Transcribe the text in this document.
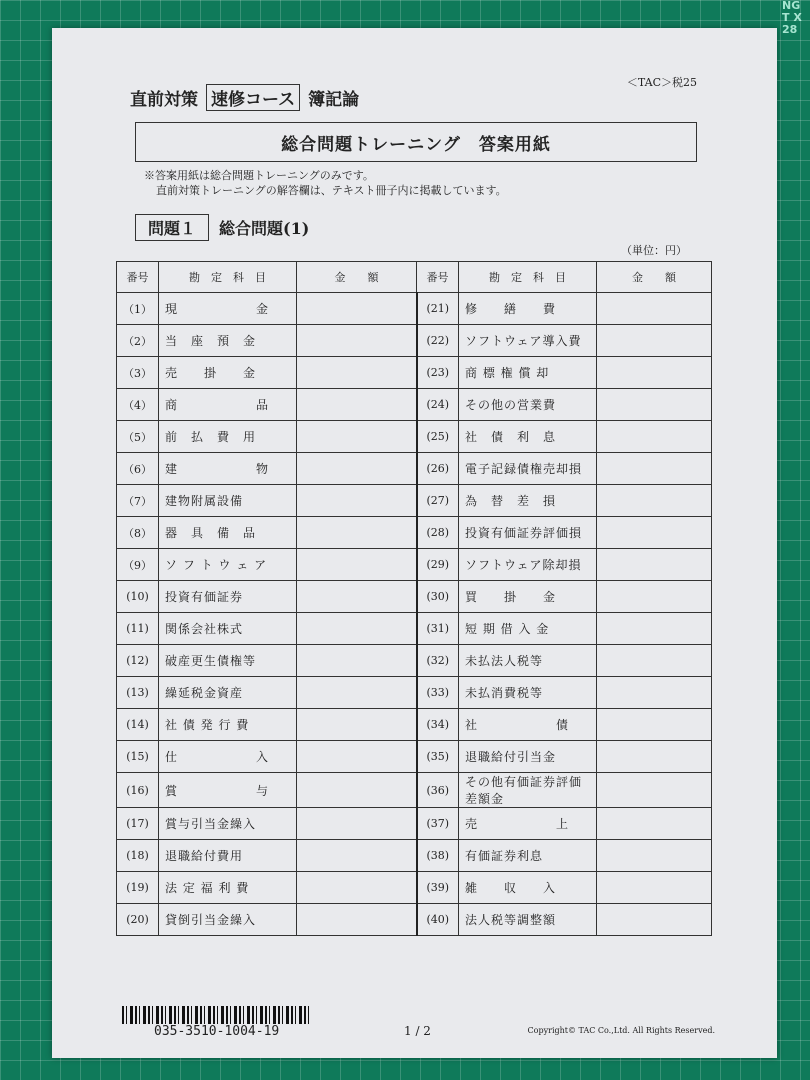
NG T X28
直前対策 速修コース 簿記論
＜TAC＞税25
総合問題トレーニング　答案用紙
※答案用紙は総合問題トレーニングのみです。
直前対策トレーニングの解答欄は、テキスト冊子内に掲載しています。
問題１	総合問題(1)
（単位：円）
番号	勘　定　科　目	金　　額	番号	勘　定　科　目	金　　額
（1）	現　　　　　　金		(21)	修　　繕　　費	
（2）	当　座　預　金		(22)	ソフトウェア導入費	
（3）	売　　掛　　金		(23)	商 標 権 償 却	
（4）	商　　　　　　品		(24)	その他の営業費	
（5）	前　払　費　用		(25)	社　債　利　息	
（6）	建　　　　　　物		(26)	電子記録債権売却損	
（7）	建物附属設備		(27)	為　替　差　損	
（8）	器　具　備　品		(28)	投資有価証券評価損	
（9）	ソ フ ト ウ ェ ア		(29)	ソフトウェア除却損	
(10)	投資有価証券		(30)	買　　掛　　金	
(11)	関係会社株式		(31)	短 期 借 入 金	
(12)	破産更生債権等		(32)	未払法人税等	
(13)	繰延税金資産		(33)	未払消費税等	
(14)	社 債 発 行 費		(34)	社　　　　　　債	
(15)	仕　　　　　　入		(35)	退職給付引当金	
(16)	賞　　　　　　与		(36)	その他有価証券評価差額金	
(17)	賞与引当金繰入		(37)	売　　　　　　上	
(18)	退職給付費用		(38)	有価証券利息	
(19)	法 定 福 利 費		(39)	雑　　収　　入	
(20)	貸倒引当金繰入		(40)	法人税等調整額	
035-3510-1004-19	1 / 2	Copyright© TAC Co.,Ltd. All Rights Reserved.
